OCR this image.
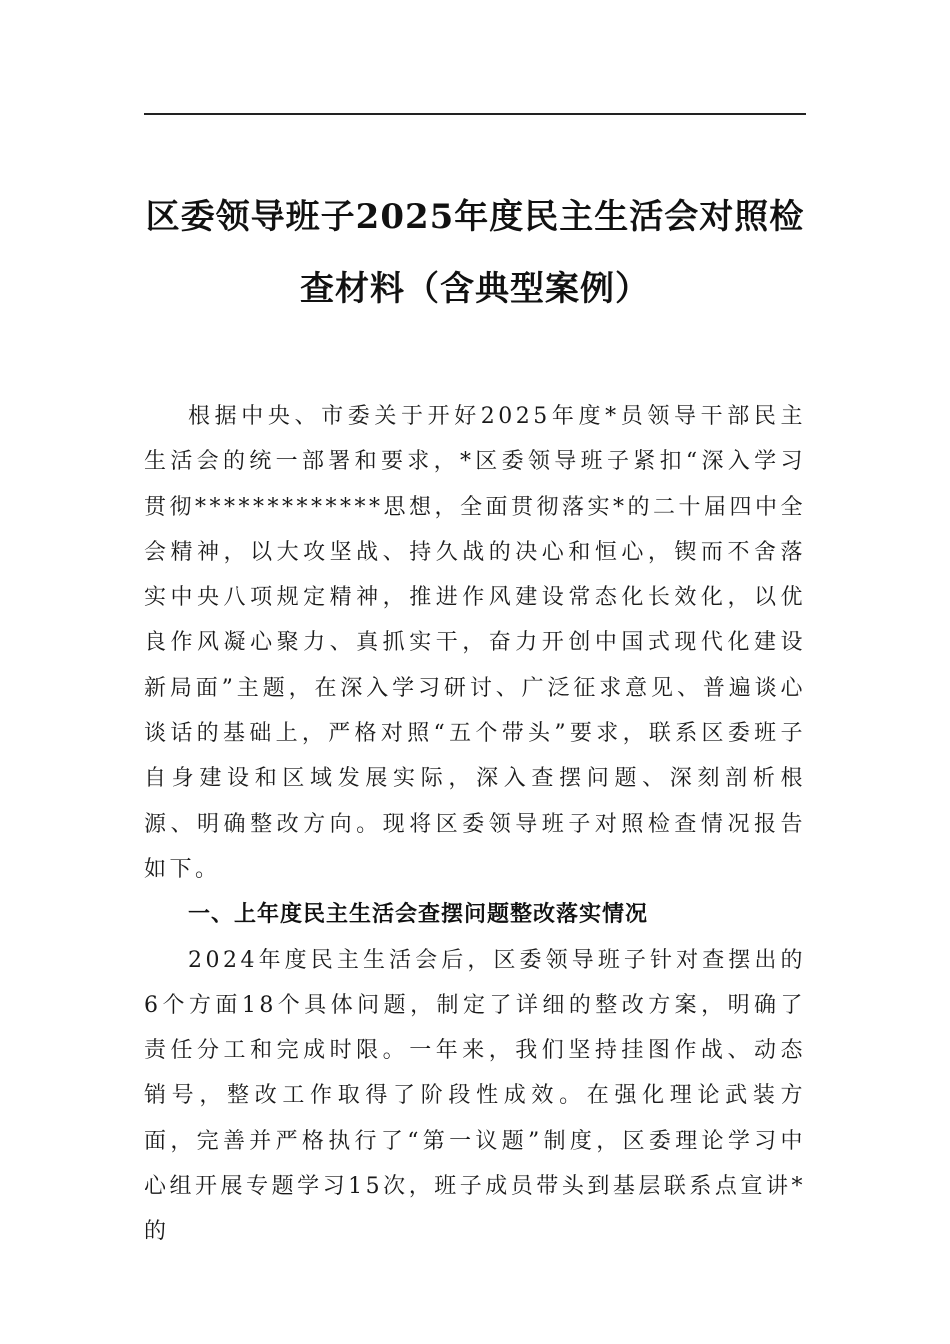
区委领导班子2025年度民主生活会对照检
查材料（含典型案例）

根据中央、市委关于开好2025年度*员领导干部民主生活会的统一部署和要求，*区委领导班子紧扣“深入学习贯彻*************思想，全面贯彻落实*的二十届四中全会精神，以大攻坚战、持久战的决心和恒心，锲而不舍落实中央八项规定精神，推进作风建设常态化长效化，以优良作风凝心聚力、真抓实干，奋力开创中国式现代化建设新局面”主题，在深入学习研讨、广泛征求意见、普遍谈心谈话的基础上，严格对照“五个带头”要求，联系区委班子自身建设和区域发展实际，深入查摆问题、深刻剖析根源、明确整改方向。现将区委领导班子对照检查情况报告如下。

一、上年度民主生活会查摆问题整改落实情况

2024年度民主生活会后，区委领导班子针对查摆出的6个方面18个具体问题，制定了详细的整改方案，明确了责任分工和完成时限。一年来，我们坚持挂图作战、动态销号，整改工作取得了阶段性成效。在强化理论武装方面，完善并严格执行了“第一议题”制度，区委理论学习中心组开展专题学习15次，班子成员带头到基层联系点宣讲*的
